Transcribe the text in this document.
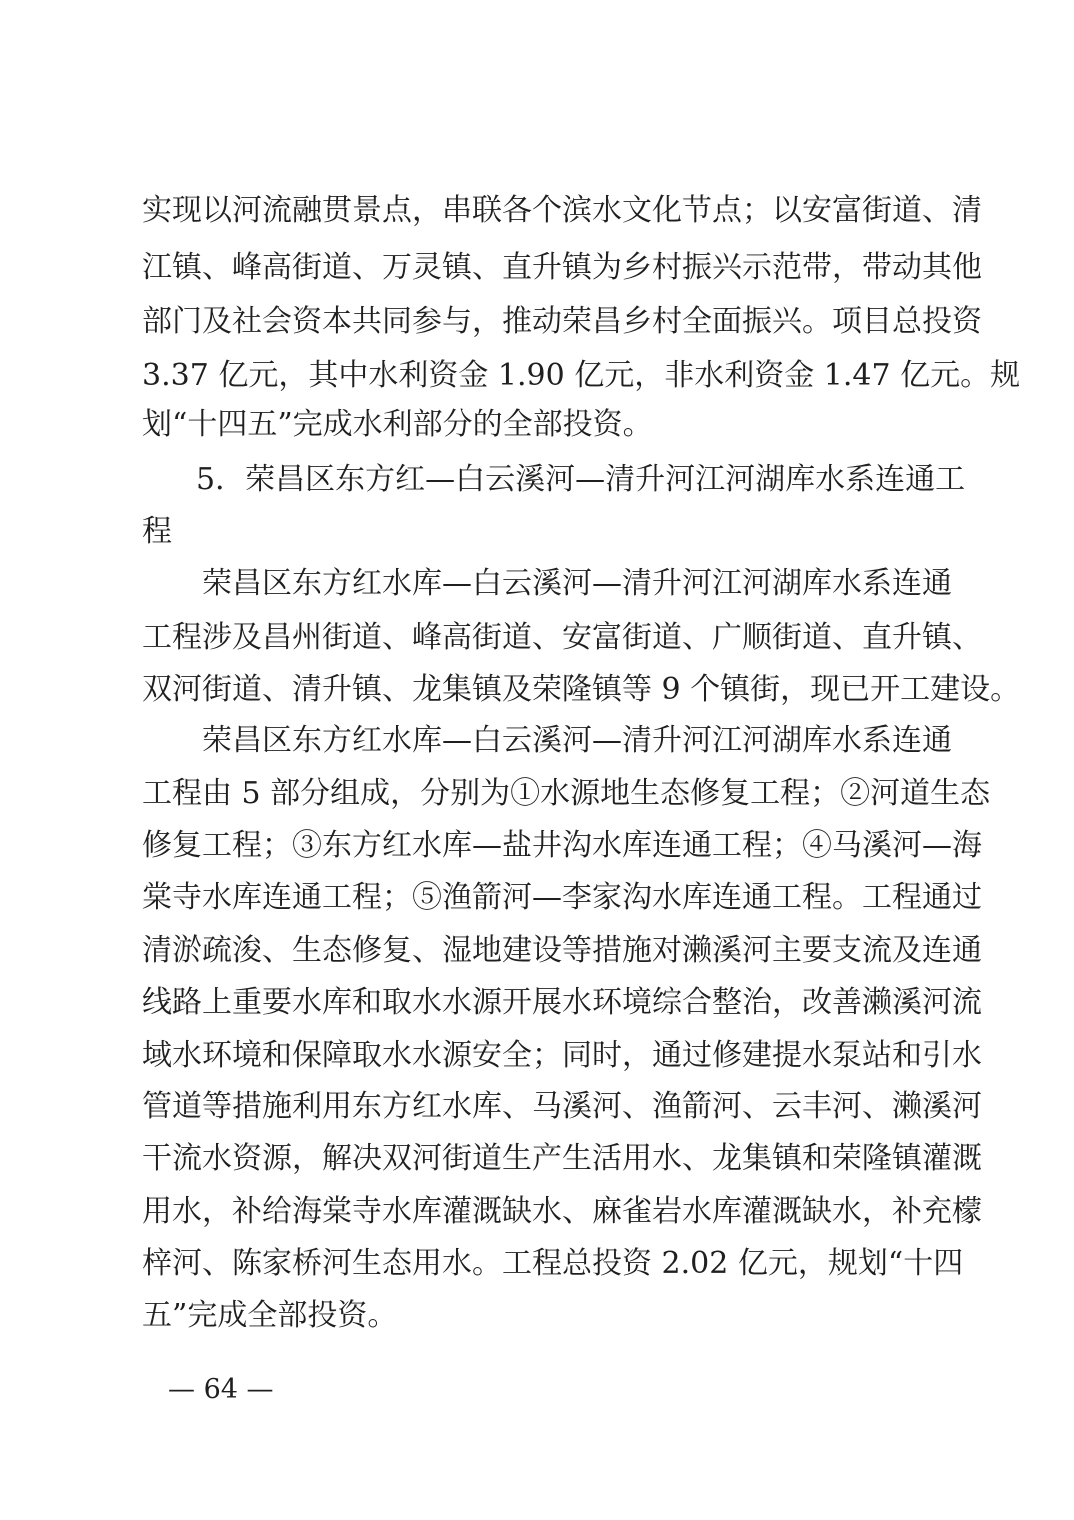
实现以河流融贯景点，串联各个滨水文化节点；以安富街道、清
江镇、峰高街道、万灵镇、直升镇为乡村振兴示范带，带动其他
部门及社会资本共同参与，推动荣昌乡村全面振兴。项目总投资
3.37 亿元，其中水利资金 1.90 亿元，非水利资金 1.47 亿元。规
划“十四五”完成水利部分的全部投资。
5．荣昌区东方红—白云溪河—清升河江河湖库水系连通工
程
荣昌区东方红水库—白云溪河—清升河江河湖库水系连通
工程涉及昌州街道、峰高街道、安富街道、广顺街道、直升镇、
双河街道、清升镇、龙集镇及荣隆镇等 9 个镇街，现已开工建设。
荣昌区东方红水库—白云溪河—清升河江河湖库水系连通
工程由 5 部分组成，分别为①水源地生态修复工程；②河道生态
修复工程；③东方红水库—盐井沟水库连通工程；④马溪河—海
棠寺水库连通工程；⑤渔箭河—李家沟水库连通工程。工程通过
清淤疏浚、生态修复、湿地建设等措施对濑溪河主要支流及连通
线路上重要水库和取水水源开展水环境综合整治，改善濑溪河流
域水环境和保障取水水源安全；同时，通过修建提水泵站和引水
管道等措施利用东方红水库、马溪河、渔箭河、云丰河、濑溪河
干流水资源，解决双河街道生产生活用水、龙集镇和荣隆镇灌溉
用水，补给海棠寺水库灌溉缺水、麻雀岩水库灌溉缺水，补充檬
梓河、陈家桥河生态用水。工程总投资 2.02 亿元，规划“十四
五”完成全部投资。
— 64 —
